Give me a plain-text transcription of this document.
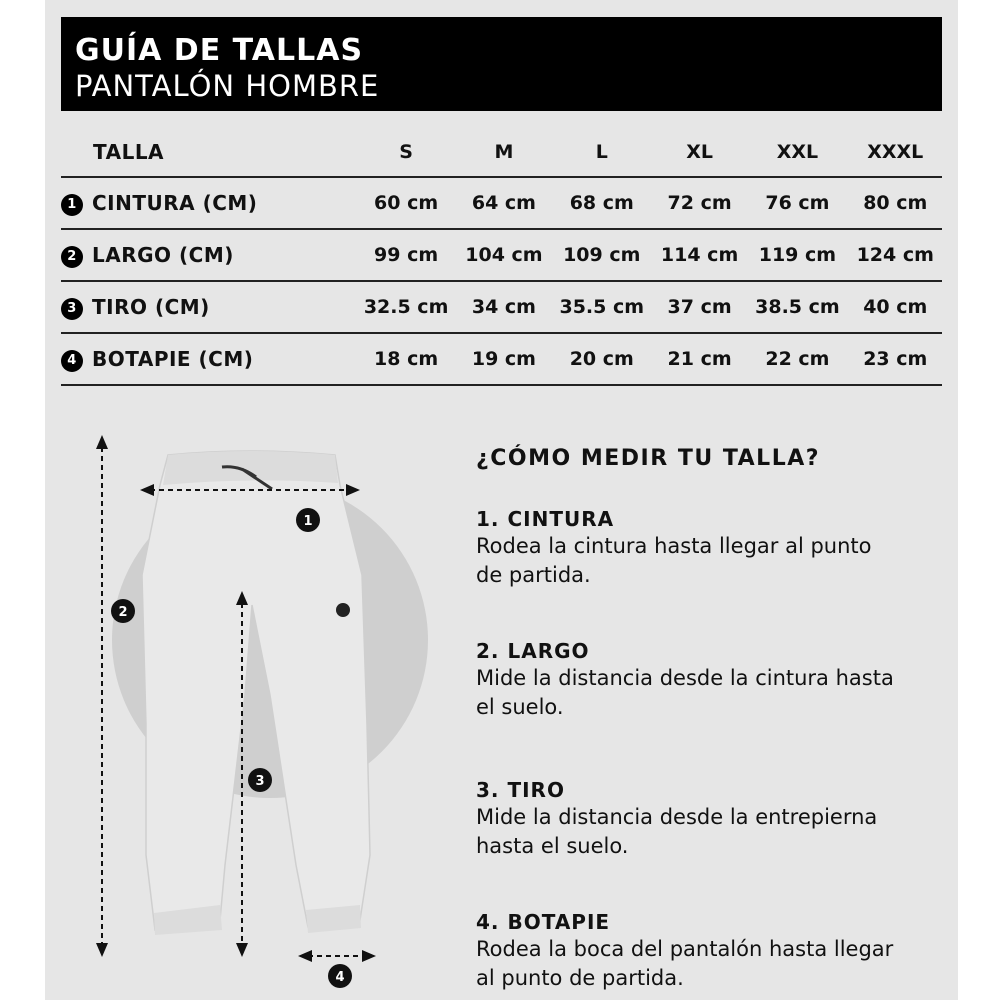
GUÍA DE TALLAS
PANTALÓN HOMBRE
TALLA	S	M	L	XL	XXL	XXXL
1 CINTURA (CM)	60 cm	64 cm	68 cm	72 cm	76 cm	80 cm
2 LARGO (CM)	99 cm	104 cm	109 cm	114 cm	119 cm	124 cm
3 TIRO (CM)	32.5 cm	34 cm	35.5 cm	37 cm	38.5 cm	40 cm
4 BOTAPIE (CM)	18 cm	19 cm	20 cm	21 cm	22 cm	23 cm
1
2
3
4
¿CÓMO MEDIR TU TALLA?
1. CINTURA
Rodea la cintura hasta llegar al punto
de partida.
2. LARGO
Mide la distancia desde la cintura hasta
el suelo.
3. TIRO
Mide la distancia desde la entrepierna
hasta el suelo.
4. BOTAPIE
Rodea la boca del pantalón hasta llegar
al punto de partida.
